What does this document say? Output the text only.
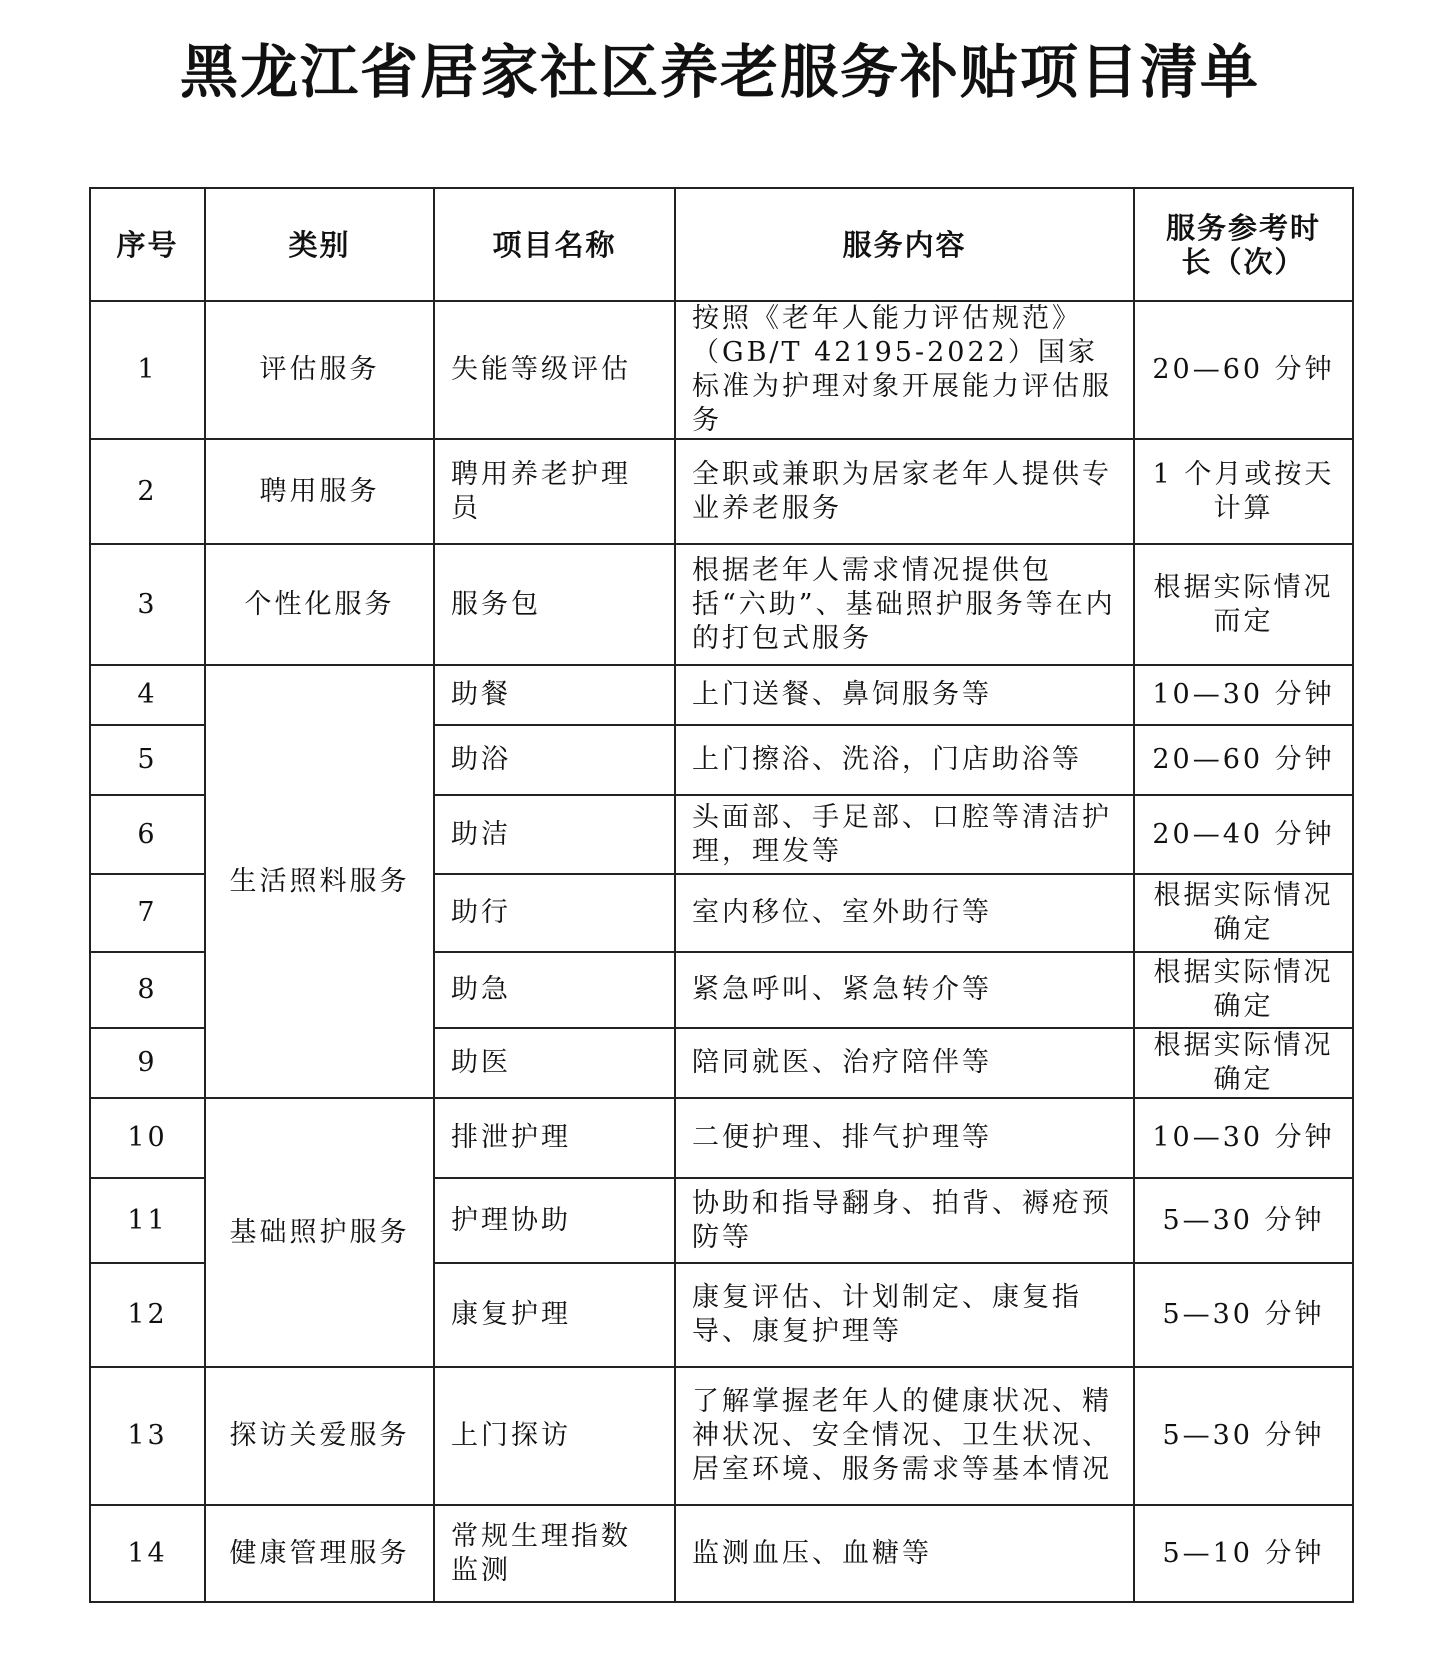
黑龙江省居家社区养老服务补贴项目清单
序号	类别	项目名称	服务内容	服务参考时长（次）
1	评估服务	失能等级评估	按照《老年人能力评估规范》（GB/T 42195-2022）国家标准为护理对象开展能力评估服务	20—60 分钟
2	聘用服务	聘用养老护理员	全职或兼职为居家老年人提供专业养老服务	1 个月或按天计算
3	个性化服务	服务包	根据老年人需求情况提供包括“六助”、基础照护服务等在内的打包式服务	根据实际情况而定
4	生活照料服务	助餐	上门送餐、鼻饲服务等	10—30 分钟
5		助浴	上门擦浴、洗浴，门店助浴等	20—60 分钟
6		助洁	头面部、手足部、口腔等清洁护理，理发等	20—40 分钟
7		助行	室内移位、室外助行等	根据实际情况确定
8		助急	紧急呼叫、紧急转介等	根据实际情况确定
9		助医	陪同就医、治疗陪伴等	根据实际情况确定
10	基础照护服务	排泄护理	二便护理、排气护理等	10—30 分钟
11		护理协助	协助和指导翻身、拍背、褥疮预防等	5—30 分钟
12		康复护理	康复评估、计划制定、康复指导、康复护理等	5—30 分钟
13	探访关爱服务	上门探访	了解掌握老年人的健康状况、精神状况、安全情况、卫生状况、居室环境、服务需求等基本情况	5—30 分钟
14	健康管理服务	常规生理指数监测	监测血压、血糖等	5—10 分钟
